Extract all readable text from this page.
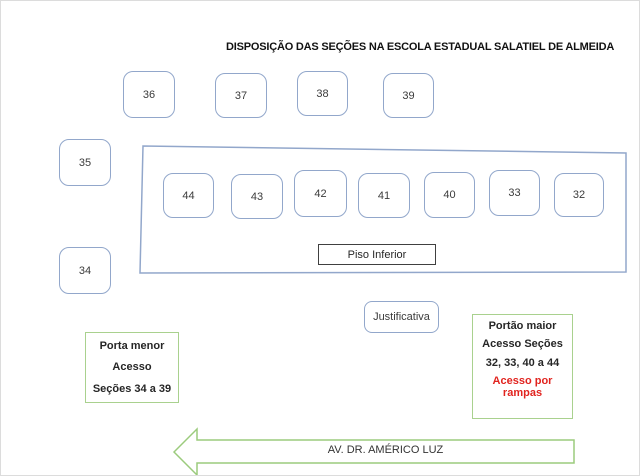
DISPOSIÇÃO DAS SEÇÕES NA ESCOLA ESTADUAL SALATIEL DE ALMEIDA
36	37	38	39
35
34
44	43	42	41	40	33	32
Piso Inferior
Justificativa
Porta menor
Acesso
Seções 34 a 39
Portão maior
Acesso Seções
32, 33, 40 a 44
Acesso por rampas
AV. DR. AMÉRICO LUZ
